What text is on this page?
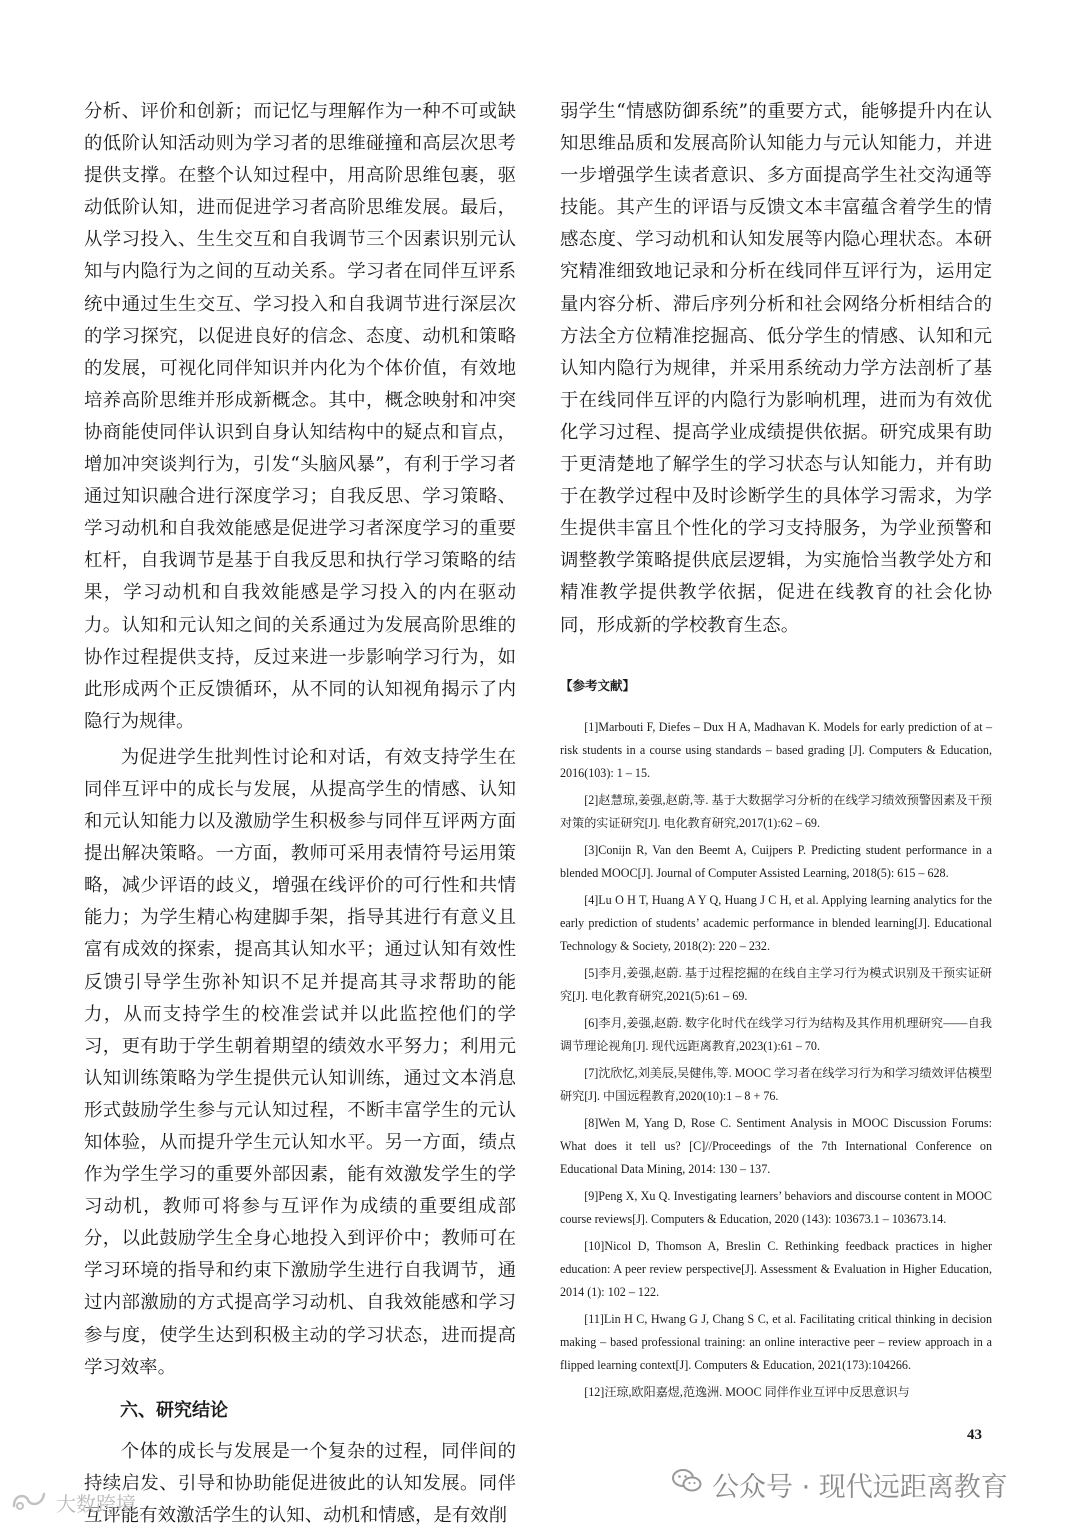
分析、评价和创新；而记忆与理解作为一种不可或缺的低阶认知活动则为学习者的思维碰撞和高层次思考提供支撑。在整个认知过程中，用高阶思维包裹，驱动低阶认知，进而促进学习者高阶思维发展。最后，从学习投入、生生交互和自我调节三个因素识别元认知与内隐行为之间的互动关系。学习者在同伴互评系统中通过生生交互、学习投入和自我调节进行深层次的学习探究，以促进良好的信念、态度、动机和策略的发展，可视化同伴知识并内化为个体价值，有效地培养高阶思维并形成新概念。其中，概念映射和冲突协商能使同伴认识到自身认知结构中的疑点和盲点，增加冲突谈判行为，引发“头脑风暴”，有利于学习者通过知识融合进行深度学习；自我反思、学习策略、学习动机和自我效能感是促进学习者深度学习的重要杠杆，自我调节是基于自我反思和执行学习策略的结果，学习动机和自我效能感是学习投入的内在驱动力。认知和元认知之间的关系通过为发展高阶思维的协作过程提供支持，反过来进一步影响学习行为，如此形成两个正反馈循环，从不同的认知视角揭示了内隐行为规律。

为促进学生批判性讨论和对话，有效支持学生在同伴互评中的成长与发展，从提高学生的情感、认知和元认知能力以及激励学生积极参与同伴互评两方面提出解决策略。一方面，教师可采用表情符号运用策略，减少评语的歧义，增强在线评价的可行性和共情能力；为学生精心构建脚手架，指导其进行有意义且富有成效的探索，提高其认知水平；通过认知有效性反馈引导学生弥补知识不足并提高其寻求帮助的能力，从而支持学生的校准尝试并以此监控他们的学习，更有助于学生朝着期望的绩效水平努力；利用元认知训练策略为学生提供元认知训练，通过文本消息形式鼓励学生参与元认知过程，不断丰富学生的元认知体验，从而提升学生元认知水平。另一方面，绩点作为学生学习的重要外部因素，能有效激发学生的学习动机，教师可将参与互评作为成绩的重要组成部分，以此鼓励学生全身心地投入到评价中；教师可在学习环境的指导和约束下激励学生进行自我调节，通过内部激励的方式提高学习动机、自我效能感和学习参与度，使学生达到积极主动的学习状态，进而提高学习效率。

六、研究结论

个体的成长与发展是一个复杂的过程，同伴间的持续启发、引导和协助能促进彼此的认知发展。同伴互评能有效激活学生的认知、动机和情感，是有效削

弱学生“情感防御系统”的重要方式，能够提升内在认知思维品质和发展高阶认知能力与元认知能力，并进一步增强学生读者意识、多方面提高学生社交沟通等技能。其产生的评语与反馈文本丰富蕴含着学生的情感态度、学习动机和认知发展等内隐心理状态。本研究精准细致地记录和分析在线同伴互评行为，运用定量内容分析、滞后序列分析和社会网络分析相结合的方法全方位精准挖掘高、低分学生的情感、认知和元认知内隐行为规律，并采用系统动力学方法剖析了基于在线同伴互评的内隐行为影响机理，进而为有效优化学习过程、提高学业成绩提供依据。研究成果有助于更清楚地了解学生的学习状态与认知能力，并有助于在教学过程中及时诊断学生的具体学习需求，为学生提供丰富且个性化的学习支持服务，为学业预警和调整教学策略提供底层逻辑，为实施恰当教学处方和精准教学提供教学依据，促进在线教育的社会化协同，形成新的学校教育生态。

【参考文献】

[1]Marbouti F, Diefes – Dux H A, Madhavan K. Models for early prediction of at – risk students in a course using standards – based grading [J]. Computers & Education, 2016(103): 1 – 15.

[2]赵慧琼,姜强,赵蔚,等. 基于大数据学习分析的在线学习绩效预警因素及干预对策的实证研究[J]. 电化教育研究,2017(1):62 – 69.

[3]Conijn R, Van den Beemt A, Cuijpers P. Predicting student performance in a blended MOOC[J]. Journal of Computer Assisted Learning, 2018(5): 615 – 628.

[4]Lu O H T, Huang A Y Q, Huang J C H, et al. Applying learning analytics for the early prediction of students’ academic performance in blended learning[J]. Educational Technology & Society, 2018(2): 220 – 232.

[5]李月,姜强,赵蔚. 基于过程挖掘的在线自主学习行为模式识别及干预实证研究[J]. 电化教育研究,2021(5):61 – 69.

[6]李月,姜强,赵蔚. 数字化时代在线学习行为结构及其作用机理研究——自我调节理论视角[J]. 现代远距离教育,2023(1):61 – 70.

[7]沈欣忆,刘美辰,吴健伟,等. MOOC 学习者在线学习行为和学习绩效评估模型研究[J]. 中国远程教育,2020(10):1 – 8 + 76.

[8]Wen M, Yang D, Rose C. Sentiment Analysis in MOOC Discussion Forums: What does it tell us? [C]//Proceedings of the 7th International Conference on Educational Data Mining, 2014: 130 – 137.

[9]Peng X, Xu Q. Investigating learners’ behaviors and discourse content in MOOC course reviews[J]. Computers & Education, 2020 (143): 103673.1 – 103673.14.

[10]Nicol D, Thomson A, Breslin C. Rethinking feedback practices in higher education: A peer review perspective[J]. Assessment & Evaluation in Higher Education, 2014 (1): 102 – 122.

[11]Lin H C, Hwang G J, Chang S C, et al. Facilitating critical thinking in decision making – based professional training: an online interactive peer – review approach in a flipped learning context[J]. Computers & Education, 2021(173):104266.

[12]汪琼,欧阳嘉煜,范逸洲. MOOC 同伴作业互评中反思意识与

43
公众号 · 现代远距离教育
大数跨境
